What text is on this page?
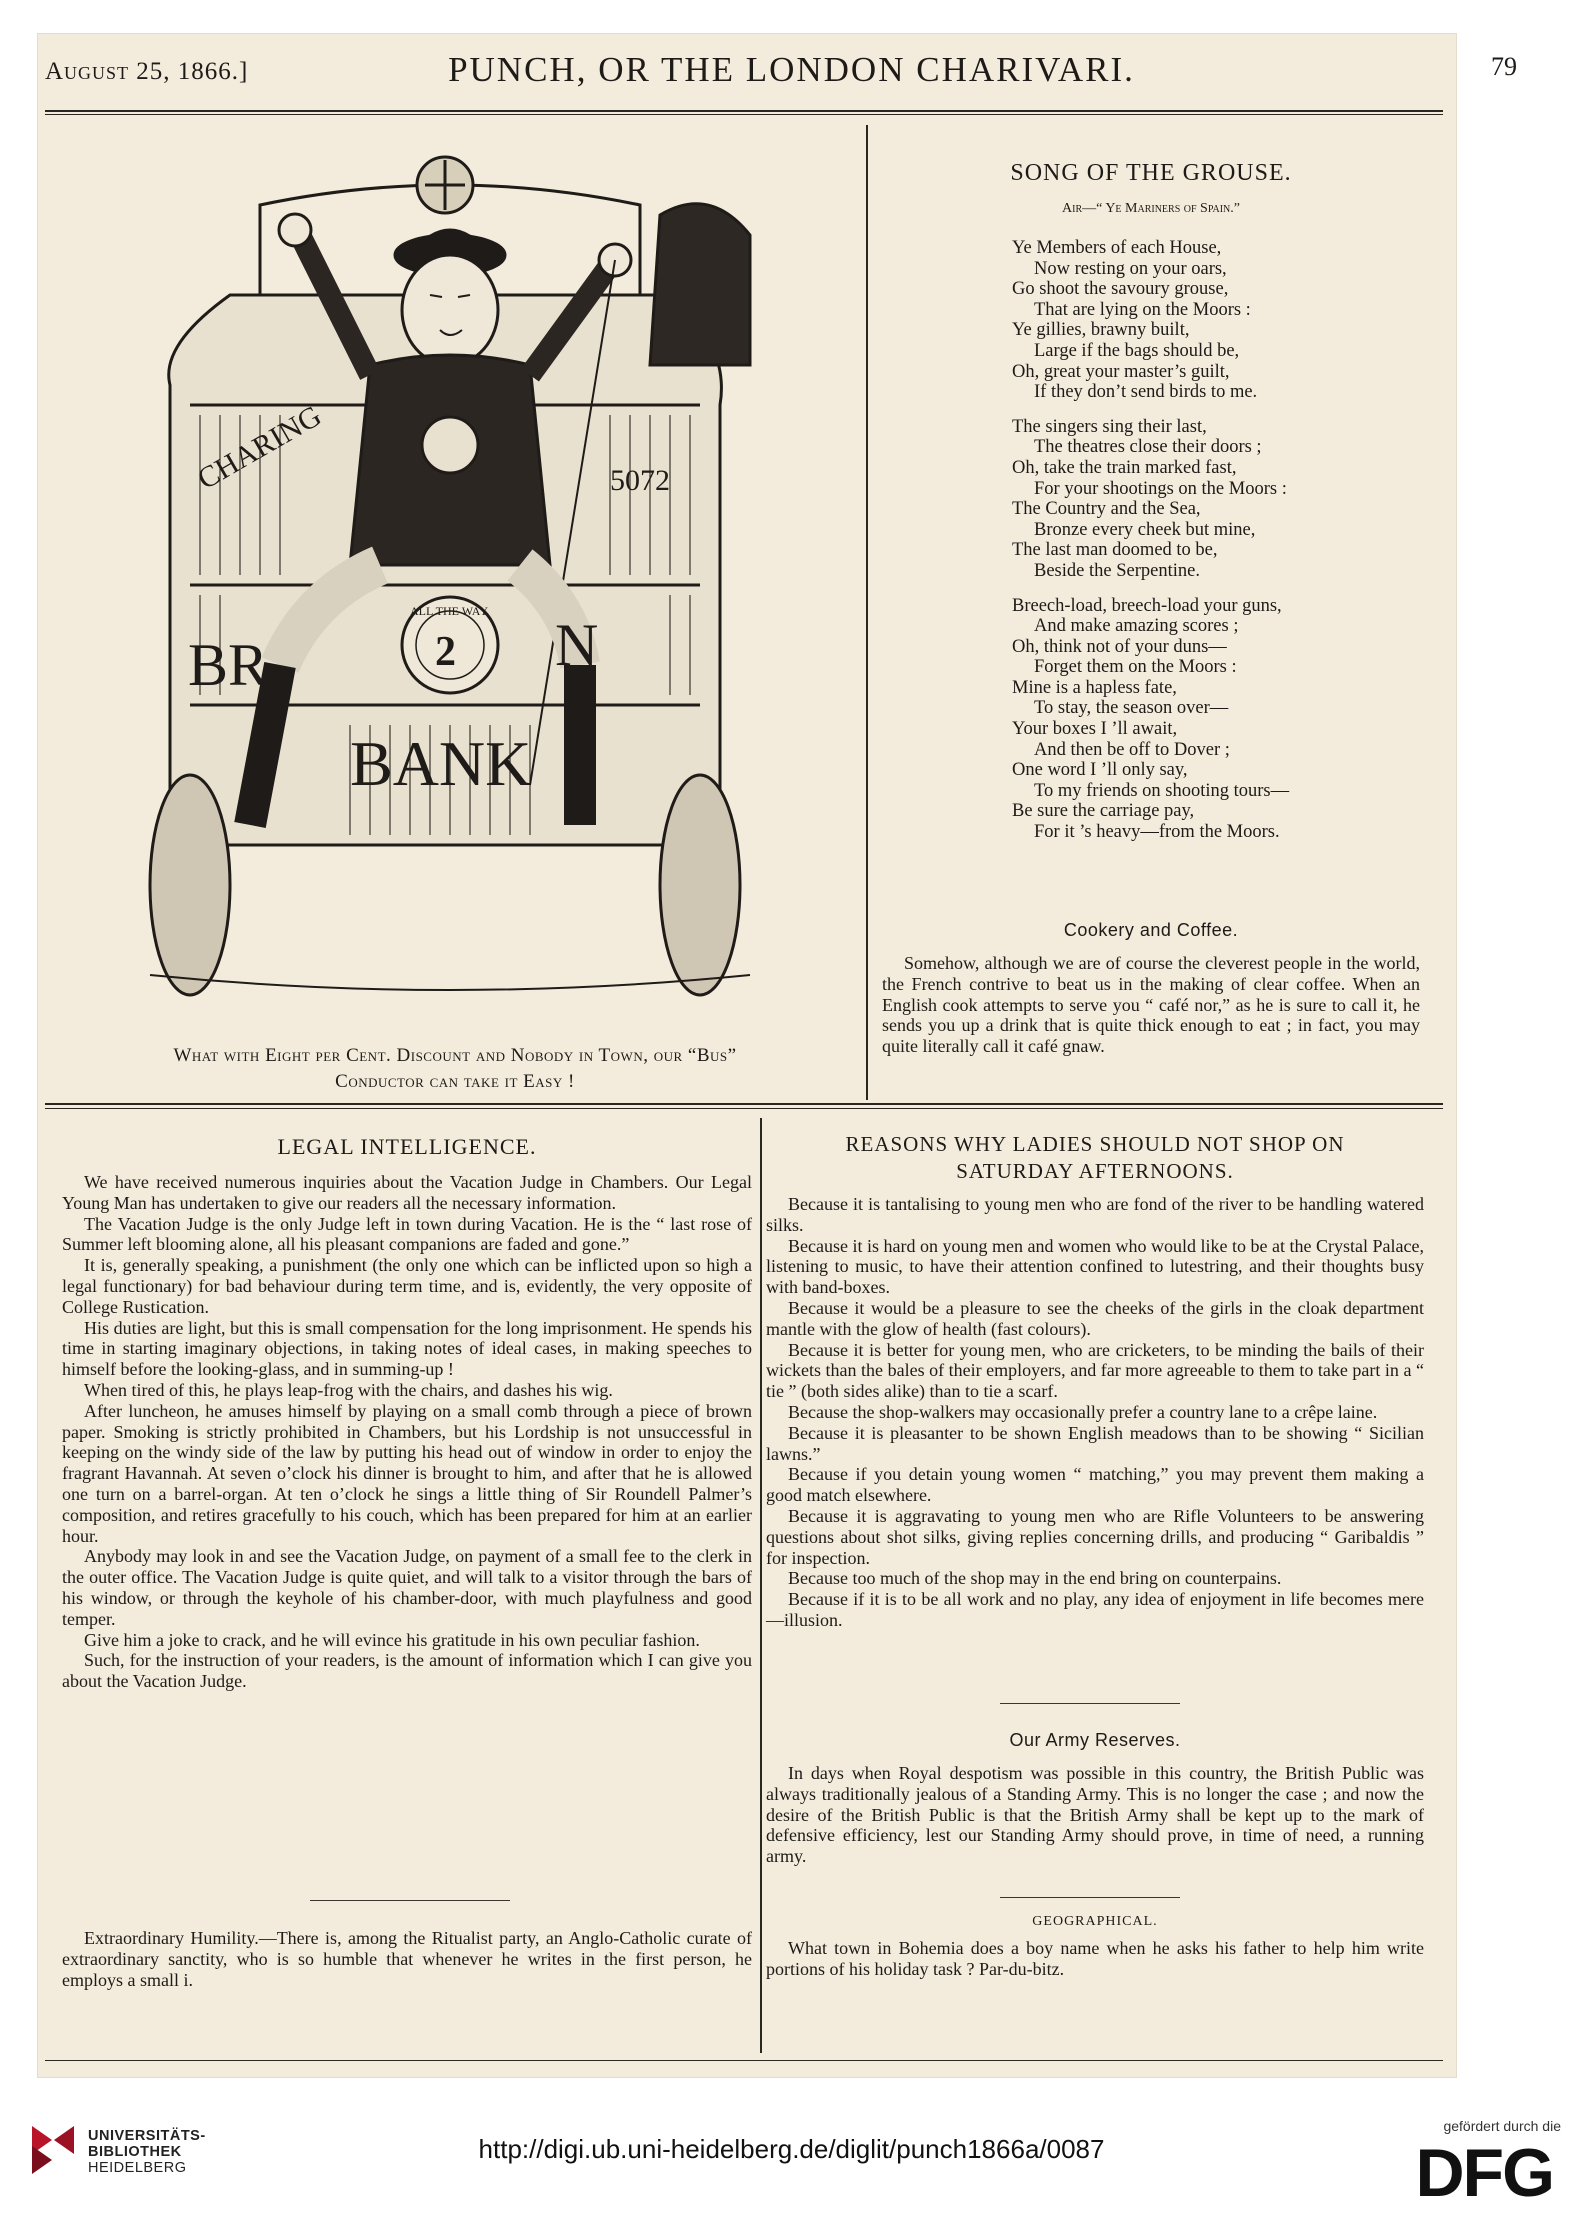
August 25, 1866.]	PUNCH, OR THE LONDON CHARIVARI.	79
CHARING
BR	N
BANK
5072
ALL THE WAY
2
What with Eight per Cent. Discount and Nobody in Town, our “Bus”
Conductor can take it Easy !
SONG OF THE GROUSE.
Air—“ Ye Mariners of Spain.”
Ye Members of each House,
Now resting on your oars,
Go shoot the savoury grouse,
That are lying on the Moors :
Ye gillies, brawny built,
Large if the bags should be,
Oh, great your master’s guilt,
If they don’t send birds to me.
The singers sing their last,
The theatres close their doors ;
Oh, take the train marked fast,
For your shootings on the Moors :
The Country and the Sea,
Bronze every cheek but mine,
The last man doomed to be,
Beside the Serpentine.
Breech-load, breech-load your guns,
And make amazing scores ;
Oh, think not of your duns—
Forget them on the Moors :
Mine is a hapless fate,
To stay, the season over—
Your boxes I ’ll await,
And then be off to Dover ;
One word I ’ll only say,
To my friends on shooting tours—
Be sure the carriage pay,
For it ’s heavy—from the Moors.
Cookery and Coffee.

Somehow, although we are of course the cleverest people in the world, the French contrive to beat us in the making of clear coffee. When an English cook attempts to serve you “ café nor,” as he is sure to call it, he sends you up a drink that is quite thick enough to eat ; in fact, you may quite literally call it café gnaw.

LEGAL INTELLIGENCE.

We have received numerous inquiries about the Vacation Judge in Chambers. Our Legal Young Man has undertaken to give our readers all the necessary information.

The Vacation Judge is the only Judge left in town during Vacation. He is the “ last rose of Summer left blooming alone, all his pleasant companions are faded and gone.”

It is, generally speaking, a punishment (the only one which can be inflicted upon so high a legal functionary) for bad behaviour during term time, and is, evidently, the very opposite of College Rustication.

His duties are light, but this is small compensation for the long imprisonment. He spends his time in starting imaginary objections, in taking notes of ideal cases, in making speeches to himself before the looking-glass, and in summing-up !

When tired of this, he plays leap-frog with the chairs, and dashes his wig.

After luncheon, he amuses himself by playing on a small comb through a piece of brown paper. Smoking is strictly prohibited in Chambers, but his Lordship is not unsuccessful in keeping on the windy side of the law by putting his head out of window in order to enjoy the fragrant Havannah. At seven o’clock his dinner is brought to him, and after that he is allowed one turn on a barrel-organ. At ten o’clock he sings a little thing of Sir Roundell Palmer’s composition, and retires gracefully to his couch, which has been prepared for him at an earlier hour.

Anybody may look in and see the Vacation Judge, on payment of a small fee to the clerk in the outer office. The Vacation Judge is quite quiet, and will talk to a visitor through the bars of his window, or through the keyhole of his chamber-door, with much playfulness and good temper.

Give him a joke to crack, and he will evince his gratitude in his own peculiar fashion.

Such, for the instruction of your readers, is the amount of information which I can give you about the Vacation Judge.

Extraordinary Humility.—There is, among the Ritualist party, an Anglo-Catholic curate of extraordinary sanctity, who is so humble that whenever he writes in the first person, he employs a small i.

REASONS WHY LADIES SHOULD NOT SHOP ON
SATURDAY AFTERNOONS.

Because it is tantalising to young men who are fond of the river to be handling watered silks.

Because it is hard on young men and women who would like to be at the Crystal Palace, listening to music, to have their attention confined to lutestring, and their thoughts busy with band-boxes.

Because it would be a pleasure to see the cheeks of the girls in the cloak department mantle with the glow of health (fast colours).

Because it is better for young men, who are cricketers, to be minding the bails of their wickets than the bales of their employers, and far more agreeable to them to take part in a “ tie ” (both sides alike) than to tie a scarf.

Because the shop-walkers may occasionally prefer a country lane to a crêpe laine.

Because it is pleasanter to be shown English meadows than to be showing “ Sicilian lawns.”

Because if you detain young women “ matching,” you may prevent them making a good match elsewhere.

Because it is aggravating to young men who are Rifle Volunteers to be answering questions about shot silks, giving replies concerning drills, and producing “ Garibaldis ” for inspection.

Because too much of the shop may in the end bring on counterpains.

Because if it is to be all work and no play, any idea of enjoyment in life becomes mere—illusion.

Our Army Reserves.

In days when Royal despotism was possible in this country, the British Public was always traditionally jealous of a Standing Army. This is no longer the case ; and now the desire of the British Public is that the British Army shall be kept up to the mark of defensive efficiency, lest our Standing Army should prove, in time of need, a running army.

GEOGRAPHICAL.

What town in Bohemia does a boy name when he asks his father to help him write portions of his holiday task ? Par-du-bitz.

UNIVERSITÄTS-
BIBLIOTHEK
HEIDELBERG
http://digi.ub.uni-heidelberg.de/diglit/punch1866a/0087
gefördert durch die
DFG
